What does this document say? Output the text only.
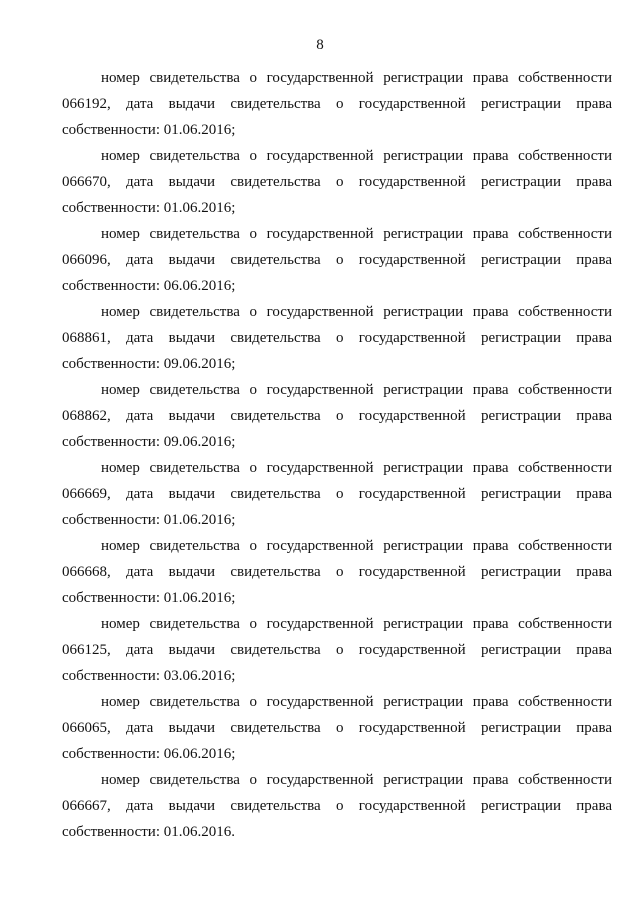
8

номер свидетельства о государственной регистрации права собственности 066192, дата выдачи свидетельства о государственной регистрации права собственности: 01.06.2016;

номер свидетельства о государственной регистрации права собственности 066670, дата выдачи свидетельства о государственной регистрации права собственности: 01.06.2016;

номер свидетельства о государственной регистрации права собственности 066096, дата выдачи свидетельства о государственной регистрации права собственности: 06.06.2016;

номер свидетельства о государственной регистрации права собственности 068861, дата выдачи свидетельства о государственной регистрации права собственности: 09.06.2016;

номер свидетельства о государственной регистрации права собственности 068862, дата выдачи свидетельства о государственной регистрации права собственности: 09.06.2016;

номер свидетельства о государственной регистрации права собственности 066669, дата выдачи свидетельства о государственной регистрации права собственности: 01.06.2016;

номер свидетельства о государственной регистрации права собственности 066668, дата выдачи свидетельства о государственной регистрации права собственности: 01.06.2016;

номер свидетельства о государственной регистрации права собственности 066125, дата выдачи свидетельства о государственной регистрации права собственности: 03.06.2016;

номер свидетельства о государственной регистрации права собственности 066065, дата выдачи свидетельства о государственной регистрации права собственности: 06.06.2016;

номер свидетельства о государственной регистрации права собственности 066667, дата выдачи свидетельства о государственной регистрации права собственности: 01.06.2016.
